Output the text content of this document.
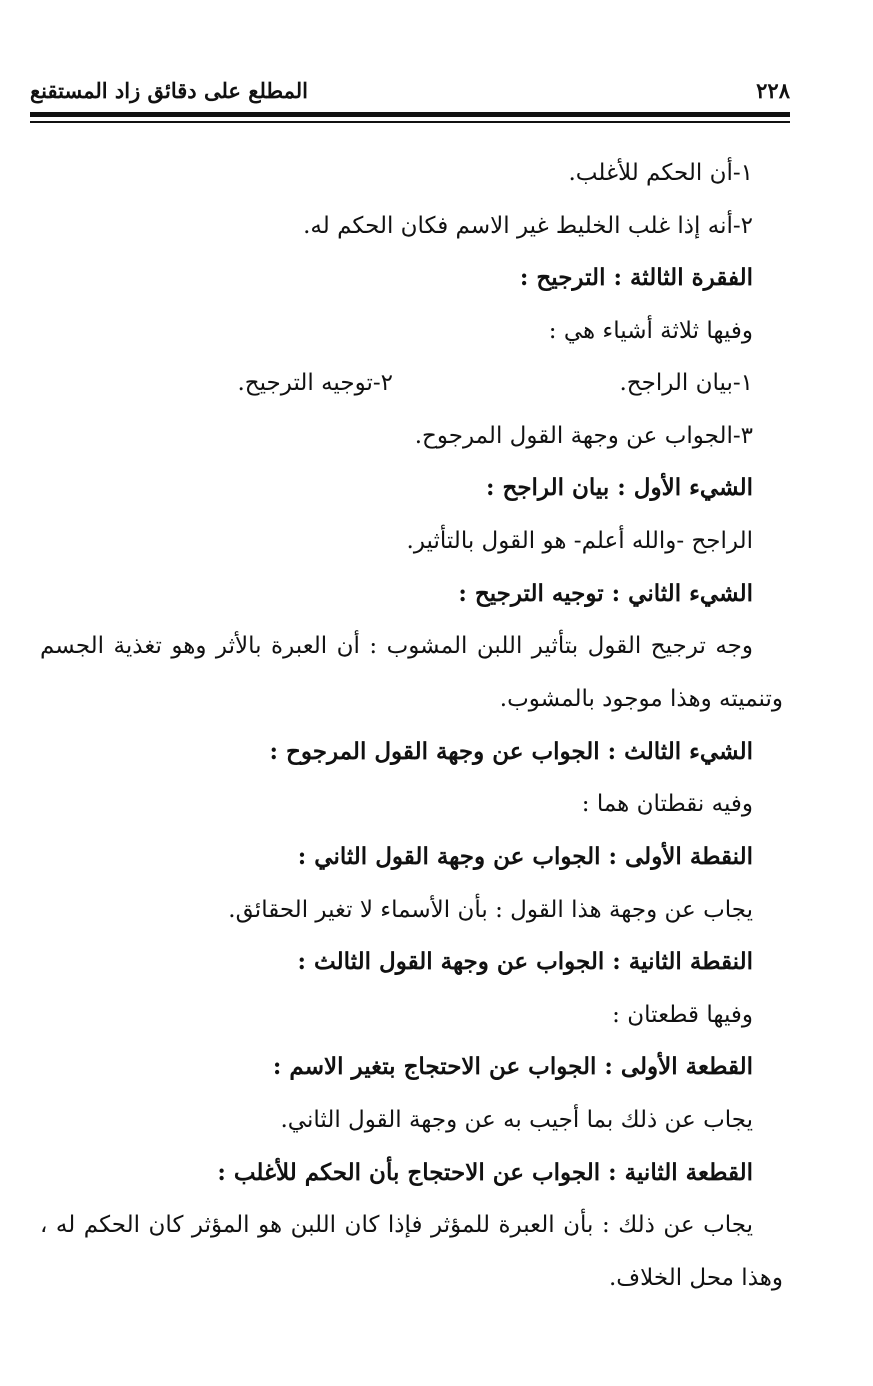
المطلع على دقائق زاد المستقنع	٢٢٨
١-أن الحكم للأغلب.
٢-أنه إذا غلب الخليط غير الاسم فكان الحكم له.
الفقرة الثالثة : الترجيح :
وفيها ثلاثة أشياء هي :
١-بيان الراجح.
٢-توجيه الترجيح.
٣-الجواب عن وجهة القول المرجوح.
الشيء الأول : بيان الراجح :
الراجح -والله أعلم- هو القول بالتأثير.
الشيء الثاني : توجيه الترجيح :
وجه ترجيح القول بتأثير اللبن المشوب : أن العبرة بالأثر وهو تغذية الجسم
وتنميته وهذا موجود بالمشوب.
الشيء الثالث : الجواب عن وجهة القول المرجوح :
وفيه نقطتان هما :
النقطة الأولى : الجواب عن وجهة القول الثاني :
يجاب عن وجهة هذا القول : بأن الأسماء لا تغير الحقائق.
النقطة الثانية : الجواب عن وجهة القول الثالث :
وفيها قطعتان :
القطعة الأولى : الجواب عن الاحتجاج بتغير الاسم :
يجاب عن ذلك بما أجيب به عن وجهة القول الثاني.
القطعة الثانية : الجواب عن الاحتجاج بأن الحكم للأغلب :
يجاب عن ذلك : بأن العبرة للمؤثر فإذا كان اللبن هو المؤثر كان الحكم له ،
وهذا محل الخلاف.
